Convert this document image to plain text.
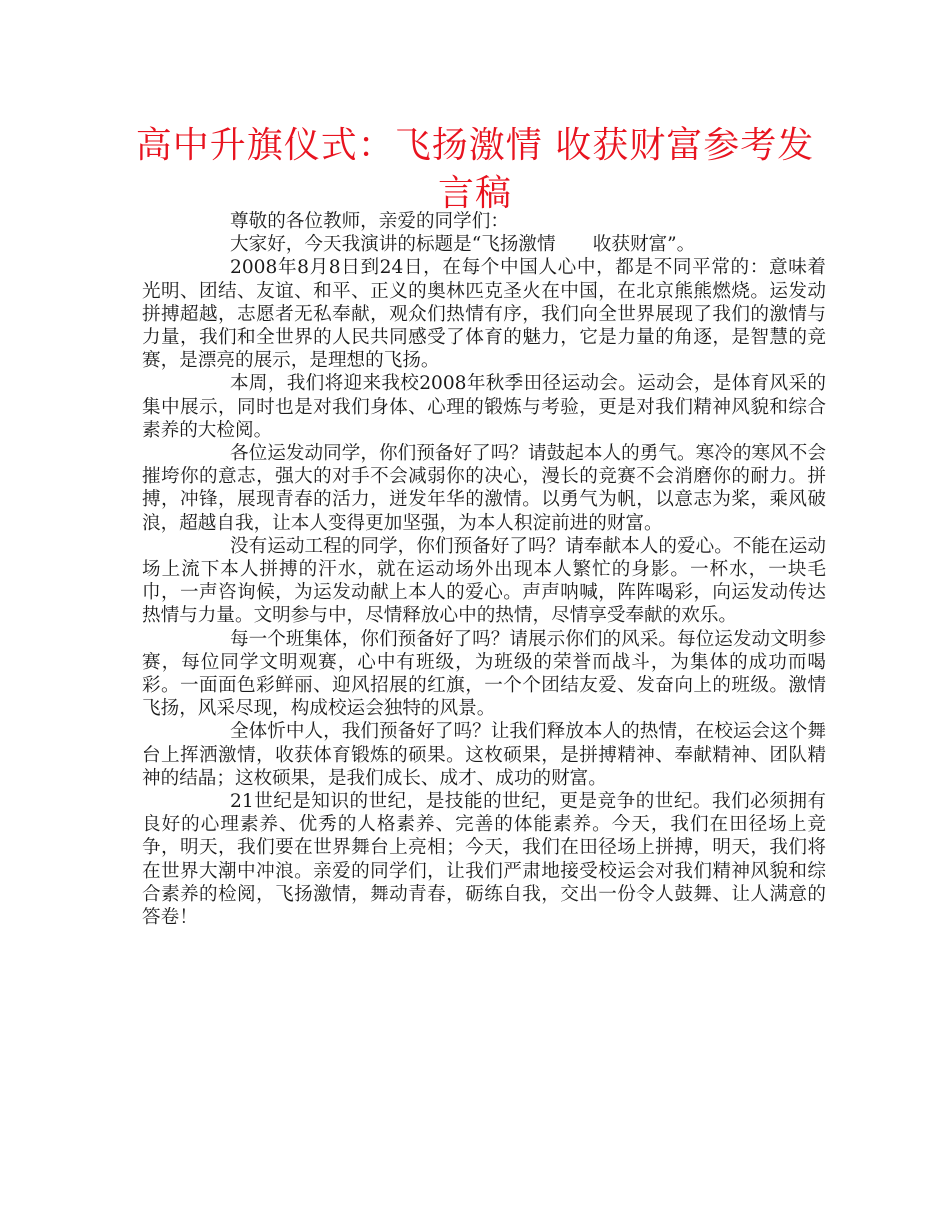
高中升旗仪式：飞扬激情 收获财富参考发言稿

尊敬的各位教师，亲爱的同学们：

大家好，今天我演讲的标题是“飞扬激情　　收获财富”。

2008年8月8日到24日，在每个中国人心中，都是不同平常的：意味着光明、团结、友谊、和平、正义的奥林匹克圣火在中国，在北京熊熊燃烧。运发动拼搏超越，志愿者无私奉献，观众们热情有序，我们向全世界展现了我们的激情与力量，我们和全世界的人民共同感受了体育的魅力，它是力量的角逐，是智慧的竞赛，是漂亮的展示，是理想的飞扬。

本周，我们将迎来我校2008年秋季田径运动会。运动会，是体育风采的集中展示，同时也是对我们身体、心理的锻炼与考验，更是对我们精神风貌和综合素养的大检阅。

各位运发动同学，你们预备好了吗？请鼓起本人的勇气。寒冷的寒风不会摧垮你的意志，强大的对手不会减弱你的决心，漫长的竞赛不会消磨你的耐力。拼搏，冲锋，展现青春的活力，迸发年华的激情。以勇气为帆，以意志为桨，乘风破浪，超越自我，让本人变得更加坚强，为本人积淀前进的财富。

没有运动工程的同学，你们预备好了吗？请奉献本人的爱心。不能在运动场上流下本人拼搏的汗水，就在运动场外出现本人繁忙的身影。一杯水，一块毛巾，一声咨询候，为运发动献上本人的爱心。声声呐喊，阵阵喝彩，向运发动传达热情与力量。文明参与中，尽情释放心中的热情，尽情享受奉献的欢乐。

每一个班集体，你们预备好了吗？请展示你们的风采。每位运发动文明参赛，每位同学文明观赛，心中有班级，为班级的荣誉而战斗，为集体的成功而喝彩。一面面色彩鲜丽、迎风招展的红旗，一个个团结友爱、发奋向上的班级。激情飞扬，风采尽现，构成校运会独特的风景。

全体忻中人，我们预备好了吗？让我们释放本人的热情，在校运会这个舞台上挥洒激情，收获体育锻炼的硕果。这枚硕果，是拼搏精神、奉献精神、团队精神的结晶；这枚硕果，是我们成长、成才、成功的财富。

21世纪是知识的世纪，是技能的世纪，更是竞争的世纪。我们必须拥有良好的心理素养、优秀的人格素养、完善的体能素养。今天，我们在田径场上竞争，明天，我们要在世界舞台上亮相；今天，我们在田径场上拼搏，明天，我们将在世界大潮中冲浪。亲爱的同学们，让我们严肃地接受校运会对我们精神风貌和综合素养的检阅，飞扬激情，舞动青春，砺练自我，交出一份令人鼓舞、让人满意的答卷！
